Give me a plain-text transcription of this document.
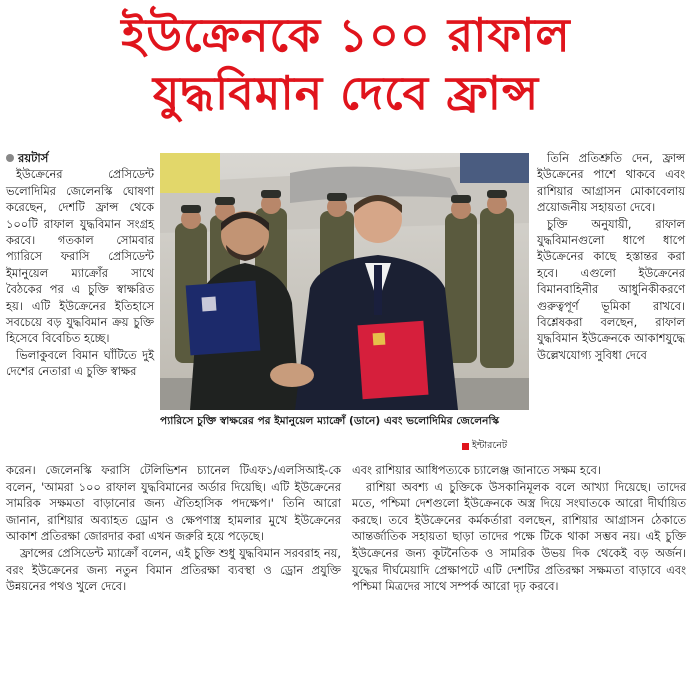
ইউক্রেনকে ১০০ রাফাল
যুদ্ধবিমান দেবে ফ্রান্স
রয়টার্স

ইউক্রেনের প্রেসিডেন্ট ভলোদিমির জেলেনস্কি ঘোষণা করেছেন, দেশটি ফ্রান্স থেকে ১০০টি রাফাল যুদ্ধবিমান সংগ্রহ করবে। গতকাল সোমবার প্যারিসে ফরাসি প্রেসিডেন্ট ইমানুয়েল ম্যাক্রোঁর সাথে বৈঠকের পর এ চুক্তি স্বাক্ষরিত হয়। এটি ইউক্রেনের ইতিহাসে সবচেয়ে বড় যুদ্ধবিমান ক্রয় চুক্তি হিসেবে বিবেচিত হচ্ছে।

ভিলাকুবলে বিমান ঘাঁটিতে দুই দেশের নেতারা এ চুক্তি স্বাক্ষর

প্যারিসে চুক্তি স্বাক্ষরের পর ইমানুয়েল ম্যাক্রোঁ (ডানে) এবং ভলোদিমির জেলেনস্কি
ইন্টারনেট

তিনি প্রতিশ্রুতি দেন, ফ্রান্স ইউক্রেনের পাশে থাকবে এবং রাশিয়ার আগ্রাসন মোকাবেলায় প্রয়োজনীয় সহায়তা দেবে।

চুক্তি অনুযায়ী, রাফাল যুদ্ধবিমানগুলো ধাপে ধাপে ইউক্রেনের কাছে হস্তান্তর করা হবে। এগুলো ইউক্রেনের বিমানবাহিনীর আধুনিকীকরণে গুরুত্বপূর্ণ ভূমিকা রাখবে। বিশ্লেষকরা বলছেন, রাফাল যুদ্ধবিমান ইউক্রেনকে আকাশযুদ্ধে উল্লেখযোগ্য সুবিধা দেবে

করেন। জেলেনস্কি ফরাসি টেলিভিশন চ্যানেল টিএফ১/এলসিআই-কে বলেন, 'আমরা ১০০ রাফাল যুদ্ধবিমানের অর্ডার দিয়েছি। এটি ইউক্রেনের সামরিক সক্ষমতা বাড়ানোর জন্য ঐতিহাসিক পদক্ষেপ।' তিনি আরো জানান, রাশিয়ার অব্যাহত ড্রোন ও ক্ষেপণাস্ত্র হামলার মুখে ইউক্রেনের আকাশ প্রতিরক্ষা জোরদার করা এখন জরুরি হয়ে পড়েছে।

ফ্রান্সের প্রেসিডেন্ট ম্যাক্রোঁ বলেন, এই চুক্তি শুধু যুদ্ধবিমান সরবরাহ নয়, বরং ইউক্রেনের জন্য নতুন বিমান প্রতিরক্ষা ব্যবস্থা ও ড্রোন প্রযুক্তি উন্নয়নের পথও খুলে দেবে।

এবং রাশিয়ার আধিপত্যকে চ্যালেঞ্জ জানাতে সক্ষম হবে।

রাশিয়া অবশ্য এ চুক্তিকে উসকানিমূলক বলে আখ্যা দিয়েছে। তাদের মতে, পশ্চিমা দেশগুলো ইউক্রেনকে অস্ত্র দিয়ে সংঘাতকে আরো দীর্ঘায়িত করছে। তবে ইউক্রেনের কর্মকর্তারা বলছেন, রাশিয়ার আগ্রাসন ঠেকাতে আন্তর্জাতিক সহায়তা ছাড়া তাদের পক্ষে টিকে থাকা সম্ভব নয়। এই চুক্তি ইউক্রেনের জন্য কূটনৈতিক ও সামরিক উভয় দিক থেকেই বড় অর্জন। যুদ্ধের দীর্ঘমেয়াদি প্রেক্ষাপটে এটি দেশটির প্রতিরক্ষা সক্ষমতা বাড়াবে এবং পশ্চিমা মিত্রদের সাথে সম্পর্ক আরো দৃঢ় করবে।
